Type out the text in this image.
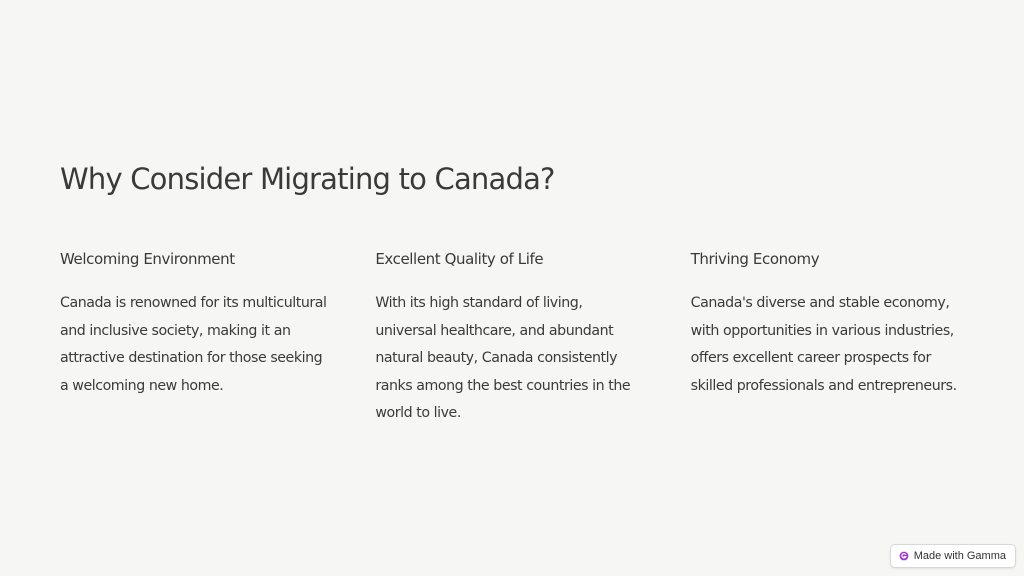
Why Consider Migrating to Canada?
Welcoming Environment

Canada is renowned for its multicultural and inclusive society, making it an attractive destination for those seeking a welcoming new home.

Excellent Quality of Life

With its high standard of living, universal healthcare, and abundant natural beauty, Canada consistently ranks among the best countries in the world to live.

Thriving Economy

Canada's diverse and stable economy, with opportunities in various industries, offers excellent career prospects for skilled professionals and entrepreneurs.

Made with Gamma
